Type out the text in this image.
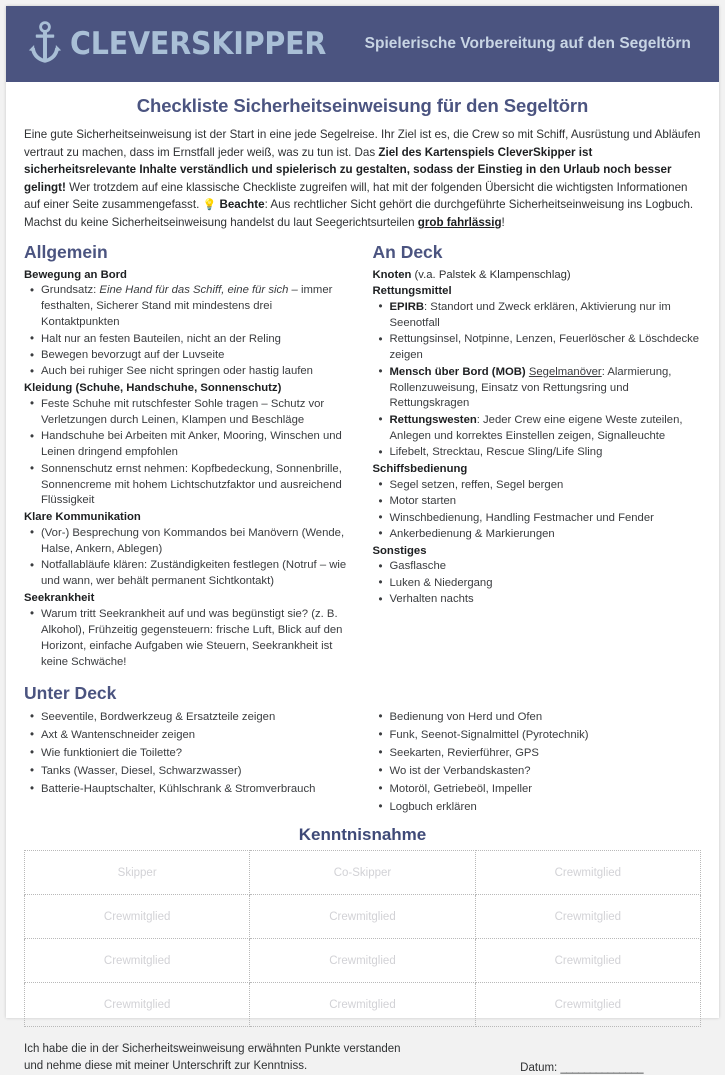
CLEVERSKIPPER	Spielerische Vorbereitung auf den Segeltörn
Checkliste Sicherheitseinweisung für den Segeltörn

Eine gute Sicherheitseinweisung ist der Start in eine jede Segelreise. Ihr Ziel ist es, die Crew so mit Schiff, Ausrüstung und Abläufen vertraut zu machen, dass im Ernstfall jeder weiß, was zu tun ist. Das Ziel des Kartenspiels CleverSkipper ist sicherheitsrelevante Inhalte verständlich und spielerisch zu gestalten, sodass der Einstieg in den Urlaub noch besser gelingt! Wer trotzdem auf eine klassische Checkliste zugreifen will, hat mit der folgenden Übersicht die wichtigsten Informationen auf einer Seite zusammengefasst. 💡 Beachte: Aus rechtlicher Sicht gehört die durchgeführte Sicherheitseinweisung ins Logbuch. Machst du keine Sicherheitseinweisung handelst du laut Seegerichtsurteilen grob fahrlässig!

Allgemein
Bewegung an Bord
• Grundsatz: Eine Hand für das Schiff, eine für sich – immer festhalten, Sicherer Stand mit mindestens drei Kontaktpunkten
• Halt nur an festen Bauteilen, nicht an der Reling
• Bewegen bevorzugt auf der Luvseite
• Auch bei ruhiger See nicht springen oder hastig laufen
Kleidung (Schuhe, Handschuhe, Sonnenschutz)
• Feste Schuhe mit rutschfester Sohle tragen – Schutz vor Verletzungen durch Leinen, Klampen und Beschläge
• Handschuhe bei Arbeiten mit Anker, Mooring, Winschen und Leinen dringend empfohlen
• Sonnenschutz ernst nehmen: Kopfbedeckung, Sonnenbrille, Sonnencreme mit hohem Lichtschutzfaktor und ausreichend Flüssigkeit
Klare Kommunikation
• (Vor-) Besprechung von Kommandos bei Manövern (Wende, Halse, Ankern, Ablegen)
• Notfallabläufe klären: Zuständigkeiten festlegen (Notruf – wie und wann, wer behält permanent Sichtkontakt)
Seekrankheit
• Warum tritt Seekrankheit auf und was begünstigt sie? (z. B. Alkohol), Frühzeitig gegensteuern: frische Luft, Blick auf den Horizont, einfache Aufgaben wie Steuern, Seekrankheit ist keine Schwäche!
An Deck
Knoten (v.a. Palstek & Klampenschlag)
Rettungsmittel
• EPIRB: Standort und Zweck erklären, Aktivierung nur im Seenotfall
• Rettungsinsel, Notpinne, Lenzen, Feuerlöscher & Löschdecke zeigen
• Mensch über Bord (MOB) Segelmanöver: Alarmierung, Rollenzuweisung, Einsatz von Rettungsring und Rettungskragen
• Rettungswesten: Jeder Crew eine eigene Weste zuteilen, Anlegen und korrektes Einstellen zeigen, Signalleuchte
• Lifebelt, Strecktau, Rescue Sling/Life Sling
Schiffsbedienung
• Segel setzen, reffen, Segel bergen
• Motor starten
• Winschbedienung, Handling Festmacher und Fender
• Ankerbedienung & Markierungen
Sonstiges
• Gasflasche
• Luken & Niedergang
• Verhalten nachts
Unter Deck
• Seeventile, Bordwerkzeug & Ersatzteile zeigen
• Axt & Wantenschneider zeigen
• Wie funktioniert die Toilette?
• Tanks (Wasser, Diesel, Schwarzwasser)
• Batterie-Hauptschalter, Kühlschrank & Stromverbrauch
• Bedienung von Herd und Ofen
• Funk, Seenot-Signalmittel (Pyrotechnik)
• Seekarten, Revierführer, GPS
• Wo ist der Verbandskasten?
• Motoröl, Getriebeöl, Impeller
• Logbuch erklären
Kenntnisnahme
Skipper	Co-Skipper	Crewmitglied
Crewmitglied	Crewmitglied	Crewmitglied
Crewmitglied	Crewmitglied	Crewmitglied
Crewmitglied	Crewmitglied	Crewmitglied
Ich habe die in der Sicherheitsweinweisung erwähnten Punkte verstanden
und nehme diese mit meiner Unterschrift zur Kenntniss.	Datum: ______________
